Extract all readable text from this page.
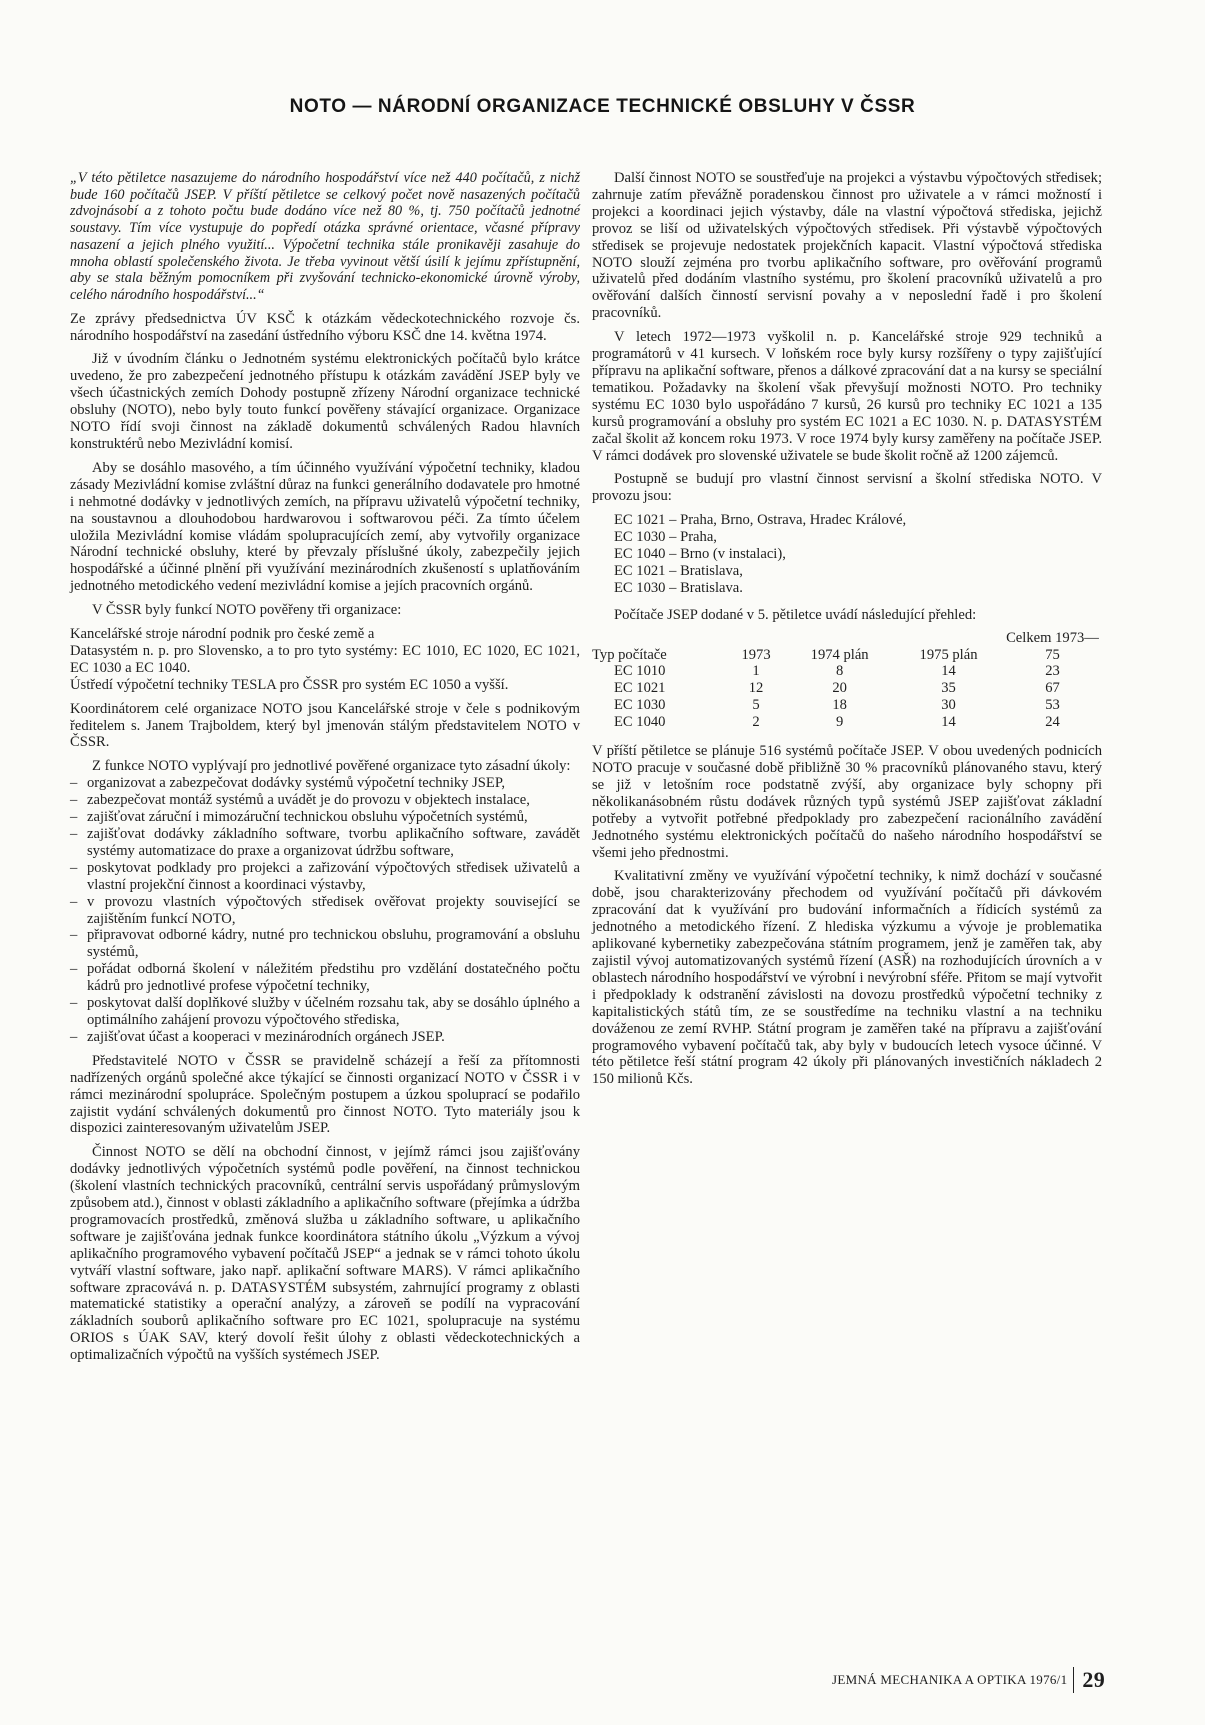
NOTO — NÁRODNÍ ORGANIZACE TECHNICKÉ OBSLUHY V ČSSR

„V této pětiletce nasazujeme do národního hospodářství více než 440 počítačů, z nichž bude 160 počítačů JSEP. V příští pětiletce se celkový počet nově nasazených počítačů zdvojnásobí a z tohoto počtu bude dodáno více než 80 %, tj. 750 počítačů jednotné soustavy. Tím více vystupuje do popředí otázka správné orientace, včasné přípravy nasazení a jejich plného využití... Výpočetní technika stále pronikavěji zasahuje do mnoha oblastí společenského života. Je třeba vyvinout větší úsilí k jejímu zpřístupnění, aby se stala běžným pomocníkem při zvyšování technicko-ekonomické úrovně výroby, celého národního hospodářství...“

Ze zprávy předsednictva ÚV KSČ k otázkám vědeckotechnického rozvoje čs. národního hospodářství na zasedání ústředního výboru KSČ dne 14. května 1974.

Již v úvodním článku o Jednotném systému elektronických počítačů bylo krátce uvedeno, že pro zabezpečení jednotného přístupu k otázkám zavádění JSEP byly ve všech účastnických zemích Dohody postupně zřízeny Národní organizace technické obsluhy (NOTO), nebo byly touto funkcí pověřeny stávající organizace. Organizace NOTO řídí svoji činnost na základě dokumentů schválených Radou hlavních konstruktérů nebo Mezivládní komisí.

Aby se dosáhlo masového, a tím účinného využívání výpočetní techniky, kladou zásady Mezivládní komise zvláštní důraz na funkci generálního dodavatele pro hmotné i nehmotné dodávky v jednotlivých zemích, na přípravu uživatelů výpočetní techniky, na soustavnou a dlouhodobou hardwarovou i softwarovou péči. Za tímto účelem uložila Mezivládní komise vládám spolupracujících zemí, aby vytvořily organizace Národní technické obsluhy, které by převzaly příslušné úkoly, zabezpečily jejich hospodářské a účinné plnění při využívání mezinárodních zkušeností s uplatňováním jednotného metodického vedení mezivládní komise a jejích pracovních orgánů.

V ČSSR byly funkcí NOTO pověřeny tři organizace:

Kancelářské stroje národní podnik pro české země a
Datasystém n. p. pro Slovensko, a to pro tyto systémy: EC 1010, EC 1020, EC 1021, EC 1030 a EC 1040.
Ústředí výpočetní techniky TESLA pro ČSSR pro systém EC 1050 a vyšší.

Koordinátorem celé organizace NOTO jsou Kancelářské stroje v čele s podnikovým ředitelem s. Janem Trajboldem, který byl jmenován stálým představitelem NOTO v ČSSR.

Z funkce NOTO vyplývají pro jednotlivé pověřené organizace tyto zásadní úkoly:

– organizovat a zabezpečovat dodávky systémů výpočetní techniky JSEP,
– zabezpečovat montáž systémů a uvádět je do provozu v objektech instalace,
– zajišťovat záruční i mimozáruční technickou obsluhu výpočetních systémů,
– zajišťovat dodávky základního software, tvorbu aplikačního software, zavádět systémy automatizace do praxe a organizovat údržbu software,
– poskytovat podklady pro projekci a zařizování výpočtových středisek uživatelů a vlastní projekční činnost a koordinaci výstavby,
– v provozu vlastních výpočtových středisek ověřovat projekty související se zajištěním funkcí NOTO,
– připravovat odborné kádry, nutné pro technickou obsluhu, programování a obsluhu systémů,
– pořádat odborná školení v náležitém předstihu pro vzdělání dostatečného počtu kádrů pro jednotlivé profese výpočetní techniky,
– poskytovat další doplňkové služby v účelném rozsahu tak, aby se dosáhlo úplného a optimálního zahájení provozu výpočtového střediska,
– zajišťovat účast a kooperaci v mezinárodních orgánech JSEP.

Představitelé NOTO v ČSSR se pravidelně scházejí a řeší za přítomnosti nadřízených orgánů společné akce týkající se činnosti organizací NOTO v ČSSR i v rámci mezinárodní spolupráce. Společným postupem a úzkou spoluprací se podařilo zajistit vydání schválených dokumentů pro činnost NOTO. Tyto materiály jsou k dispozici zainteresovaným uživatelům JSEP.

Činnost NOTO se dělí na obchodní činnost, v jejímž rámci jsou zajišťovány dodávky jednotlivých výpočetních systémů podle pověření, na činnost technickou (školení vlastních technických pracovníků, centrální servis uspořádaný průmyslovým způsobem atd.), činnost v oblasti základního a aplikačního software (přejímka a údržba programovacích prostředků, změnová služba u základního software, u aplikačního software je zajišťována jednak funkce koordinátora státního úkolu „Výzkum a vývoj aplikačního programového vybavení počítačů JSEP“ a jednak se v rámci tohoto úkolu vytváří vlastní software, jako např. aplikační software MARS). V rámci aplikačního software zpracovává n. p. DATASYSTÉM subsystém, zahrnující programy z oblasti matematické statistiky a operační analýzy, a zároveň se podílí na vypracování základních souborů aplikačního software pro EC 1021, spolupracuje na systému ORIOS s ÚAK SAV, který dovolí řešit úlohy z oblasti vědeckotechnických a optimalizačních výpočtů na vyšších systémech JSEP.

Další činnost NOTO se soustřeďuje na projekci a výstavbu výpočtových středisek; zahrnuje zatím převážně poradenskou činnost pro uživatele a v rámci možností i projekci a koordinaci jejich výstavby, dále na vlastní výpočtová střediska, jejichž provoz se liší od uživatelských výpočtových středisek. Při výstavbě výpočtových středisek se projevuje nedostatek projekčních kapacit. Vlastní výpočtová střediska NOTO slouží zejména pro tvorbu aplikačního software, pro ověřování programů uživatelů před dodáním vlastního systému, pro školení pracovníků uživatelů a pro ověřování dalších činností servisní povahy a v neposlední řadě i pro školení pracovníků.

V letech 1972—1973 vyškolil n. p. Kancelářské stroje 929 techniků a programátorů v 41 kursech. V loňském roce byly kursy rozšířeny o typy zajišťující přípravu na aplikační software, přenos a dálkové zpracování dat a na kursy se speciální tematikou. Požadavky na školení však převyšují možnosti NOTO. Pro techniky systému EC 1030 bylo uspořádáno 7 kursů, 26 kursů pro techniky EC 1021 a 135 kursů programování a obsluhy pro systém EC 1021 a EC 1030. N. p. DATASYSTÉM začal školit až koncem roku 1973. V roce 1974 byly kursy zaměřeny na počítače JSEP. V rámci dodávek pro slovenské uživatele se bude školit ročně až 1200 zájemců.

Postupně se budují pro vlastní činnost servisní a školní střediska NOTO. V provozu jsou:

EC 1021 – Praha, Brno, Ostrava, Hradec Králové,
EC 1030 – Praha,
EC 1040 – Brno (v instalaci),
EC 1021 – Bratislava,
EC 1030 – Bratislava.

Počítače JSEP dodané v 5. pětiletce uvádí následující přehled:

Typ počítače	1973	1974 plán	1975 plán	Celkem 1973—75
EC 1010	1	8	14	23
EC 1021	12	20	35	67
EC 1030	5	18	30	53
EC 1040	2	9	14	24

V příští pětiletce se plánuje 516 systémů počítače JSEP. V obou uvedených podnicích NOTO pracuje v současné době přibližně 30 % pracovníků plánovaného stavu, který se již v letošním roce podstatně zvýší, aby organizace byly schopny při několikanásobném růstu dodávek různých typů systémů JSEP zajišťovat základní potřeby a vytvořit potřebné předpoklady pro zabezpečení racionálního zavádění Jednotného systému elektronických počítačů do našeho národního hospodářství se všemi jeho přednostmi.

Kvalitativní změny ve využívání výpočetní techniky, k nimž dochází v současné době, jsou charakterizovány přechodem od využívání počítačů při dávkovém zpracování dat k využívání pro budování informačních a řídicích systémů za jednotného a metodického řízení. Z hlediska výzkumu a vývoje je problematika aplikované kybernetiky zabezpečována státním programem, jenž je zaměřen tak, aby zajistil vývoj automatizovaných systémů řízení (ASŘ) na rozhodujících úrovních a v oblastech národního hospodářství ve výrobní i nevýrobní sféře. Přitom se mají vytvořit i předpoklady k odstranění závislosti na dovozu prostředků výpočetní techniky z kapitalistických států tím, ze se soustředíme na techniku vlastní a na techniku dováženou ze zemí RVHP. Státní program je zaměřen také na přípravu a zajišťování programového vybavení počítačů tak, aby byly v budoucích letech vysoce účinné. V této pětiletce řeší státní program 42 úkoly při plánovaných investičních nákladech 2 150 milionů Kčs.

JEMNÁ MECHANIKA A OPTIKA 1976/1 29
